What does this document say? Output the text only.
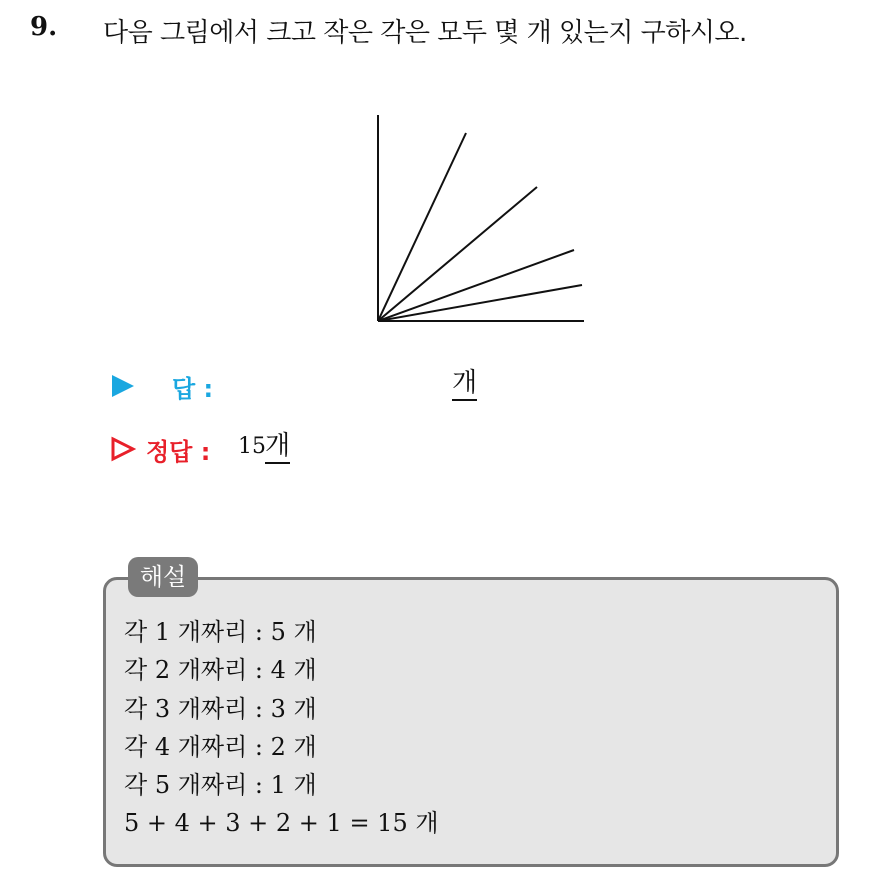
9. 다음 그림에서 크고 작은 각은 모두 몇 개 있는지 구하시오.
답 :	개
정답 : 15 개
해설
각 1 개짜리 : 5 개
각 2 개짜리 : 4 개
각 3 개짜리 : 3 개
각 4 개짜리 : 2 개
각 5 개짜리 : 1 개
5 + 4 + 3 + 2 + 1 = 15 개
